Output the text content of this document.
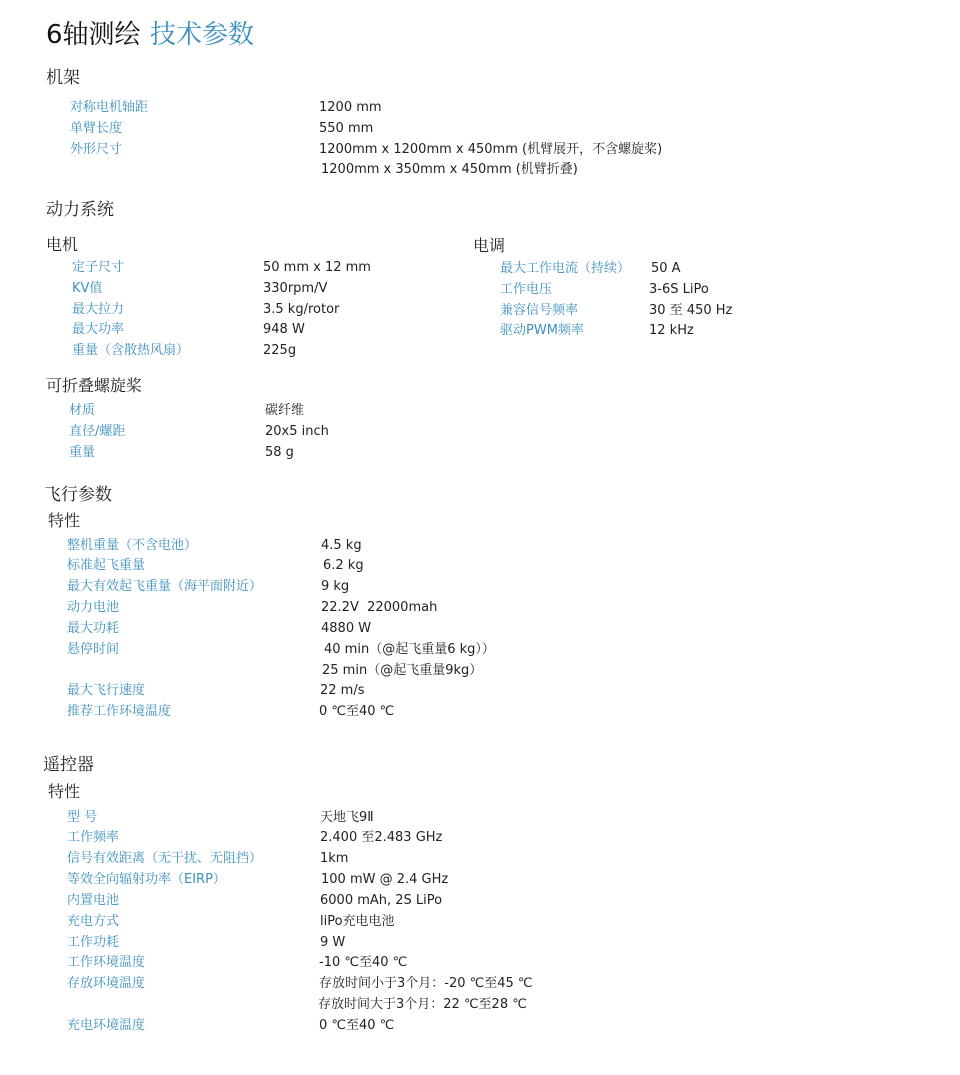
6轴测绘 技术参数
机架
对称电机轴距	1200 mm
单臂长度	550 mm
外形尺寸	1200mm x 1200mm x 450mm (机臂展开，不含螺旋桨)
1200mm x 350mm x 450mm (机臂折叠)
动力系统
电机
定子尺寸	50 mm x 12 mm
KV值	330rpm/V
最大拉力	3.5 kg/rotor
最大功率	948 W
重量（含散热风扇）	225g
电调
最大工作电流（持续） 50 A
工作电压	3-6S LiPo
兼容信号频率	30 至 450 Hz
驱动PWM频率	12 kHz
可折叠螺旋桨
材质	碳纤维
直径/螺距	20x5 inch
重量	58 g
飞行参数
特性
整机重量（不含电池）	4.5 kg
标准起飞重量	6.2 kg
最大有效起飞重量（海平面附近）	9 kg
动力电池	22.2V  22000mah
最大功耗	4880 W
悬停时间	40 min（@起飞重量6 kg））
25 min（@起飞重量9kg）
最大飞行速度	22 m/s
推荐工作环境温度	0 ℃至40 ℃
遥控器
特性
型 号	天地飞9Ⅱ
工作频率	2.400 至2.483 GHz
信号有效距离（无干扰、无阻挡）	1km
等效全向辐射功率（EIRP）	100 mW @ 2.4 GHz
内置电池	6000 mAh, 2S LiPo
充电方式	liPo充电电池
工作功耗	9 W
工作环境温度	-10 ℃至40 ℃
存放环境温度	存放时间小于3个月：-20 ℃至45 ℃
存放时间大于3个月：22 ℃至28 ℃
充电环境温度	0 ℃至40 ℃
